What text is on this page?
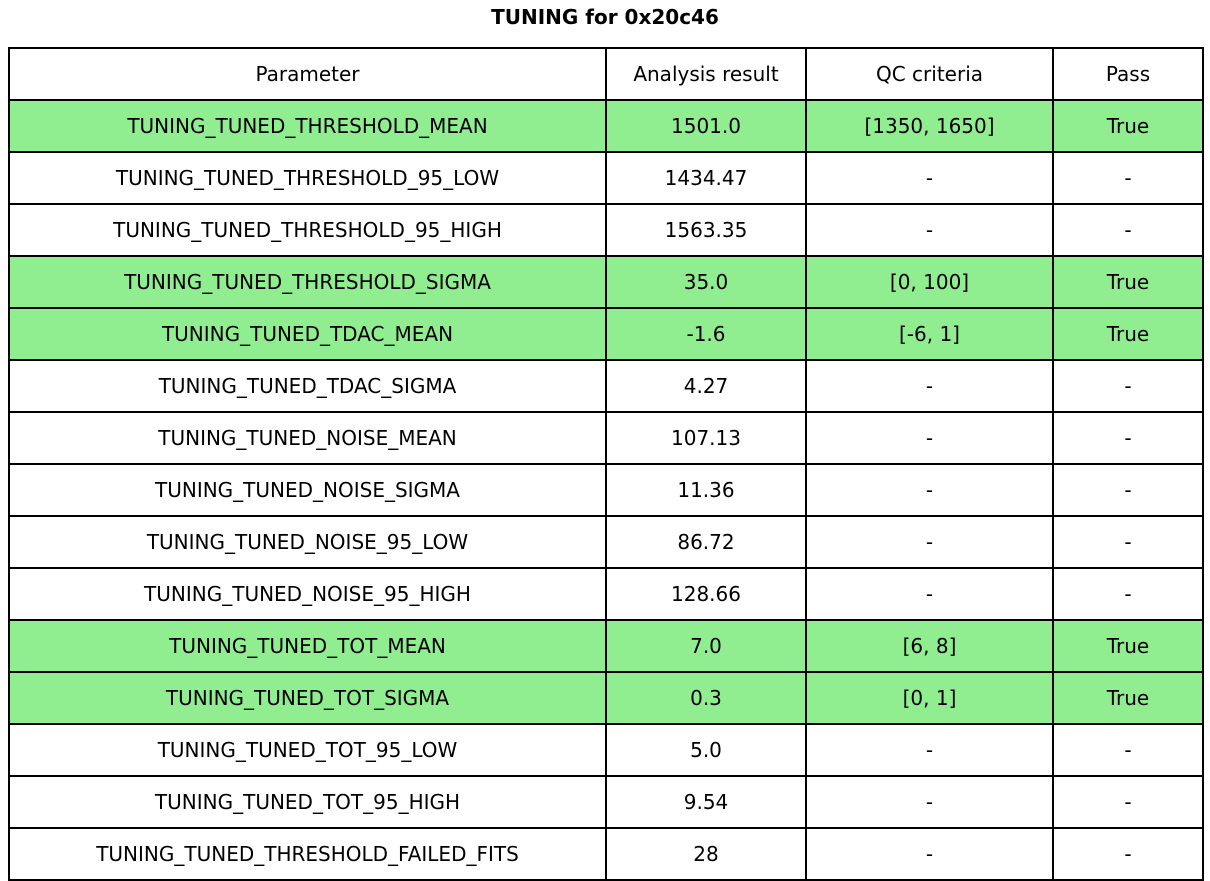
TUNING for 0x20c46
Parameter	Analysis result	QC criteria	Pass
TUNING_TUNED_THRESHOLD_MEAN	1501.0	[1350, 1650]	True
TUNING_TUNED_THRESHOLD_95_LOW	1434.47	-	-
TUNING_TUNED_THRESHOLD_95_HIGH	1563.35	-	-
TUNING_TUNED_THRESHOLD_SIGMA	35.0	[0, 100]	True
TUNING_TUNED_TDAC_MEAN	-1.6	[-6, 1]	True
TUNING_TUNED_TDAC_SIGMA	4.27	-	-
TUNING_TUNED_NOISE_MEAN	107.13	-	-
TUNING_TUNED_NOISE_SIGMA	11.36	-	-
TUNING_TUNED_NOISE_95_LOW	86.72	-	-
TUNING_TUNED_NOISE_95_HIGH	128.66	-	-
TUNING_TUNED_TOT_MEAN	7.0	[6, 8]	True
TUNING_TUNED_TOT_SIGMA	0.3	[0, 1]	True
TUNING_TUNED_TOT_95_LOW	5.0	-	-
TUNING_TUNED_TOT_95_HIGH	9.54	-	-
TUNING_TUNED_THRESHOLD_FAILED_FITS	28	-	-
